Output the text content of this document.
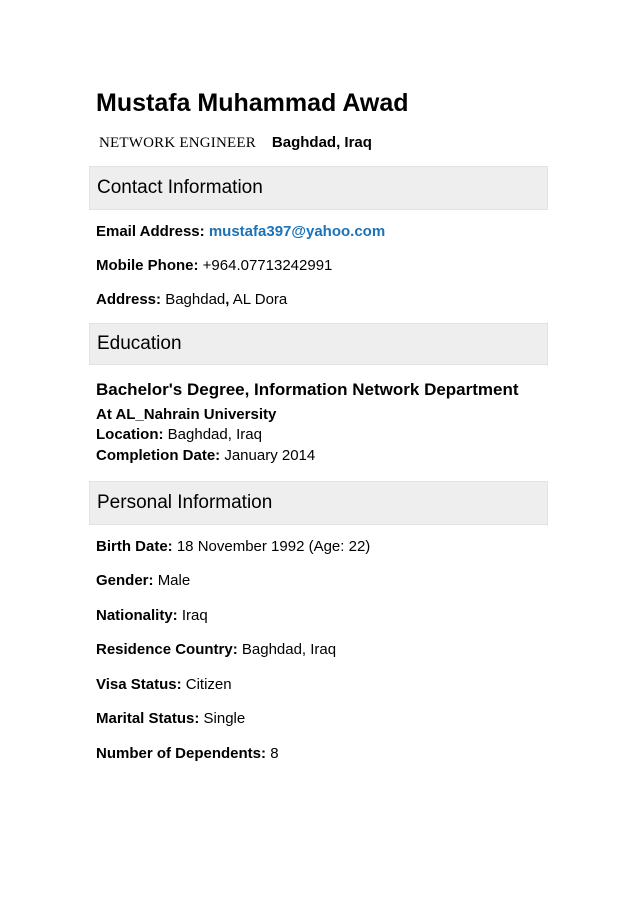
Mustafa Muhammad Awad
NETWORK ENGINEER Baghdad, Iraq
Contact Information
Email Address: mustafa397@yahoo.com
Mobile Phone: +964.07713242991
Address: Baghdad, AL Dora
Education
Bachelor's Degree, Information Network Department
At AL_Nahrain University
Location: Baghdad, Iraq
Completion Date: January 2014
Personal Information
Birth Date: 18 November 1992 (Age: 22)
Gender: Male
Nationality: Iraq
Residence Country: Baghdad, Iraq
Visa Status: Citizen
Marital Status: Single
Number of Dependents: 8
